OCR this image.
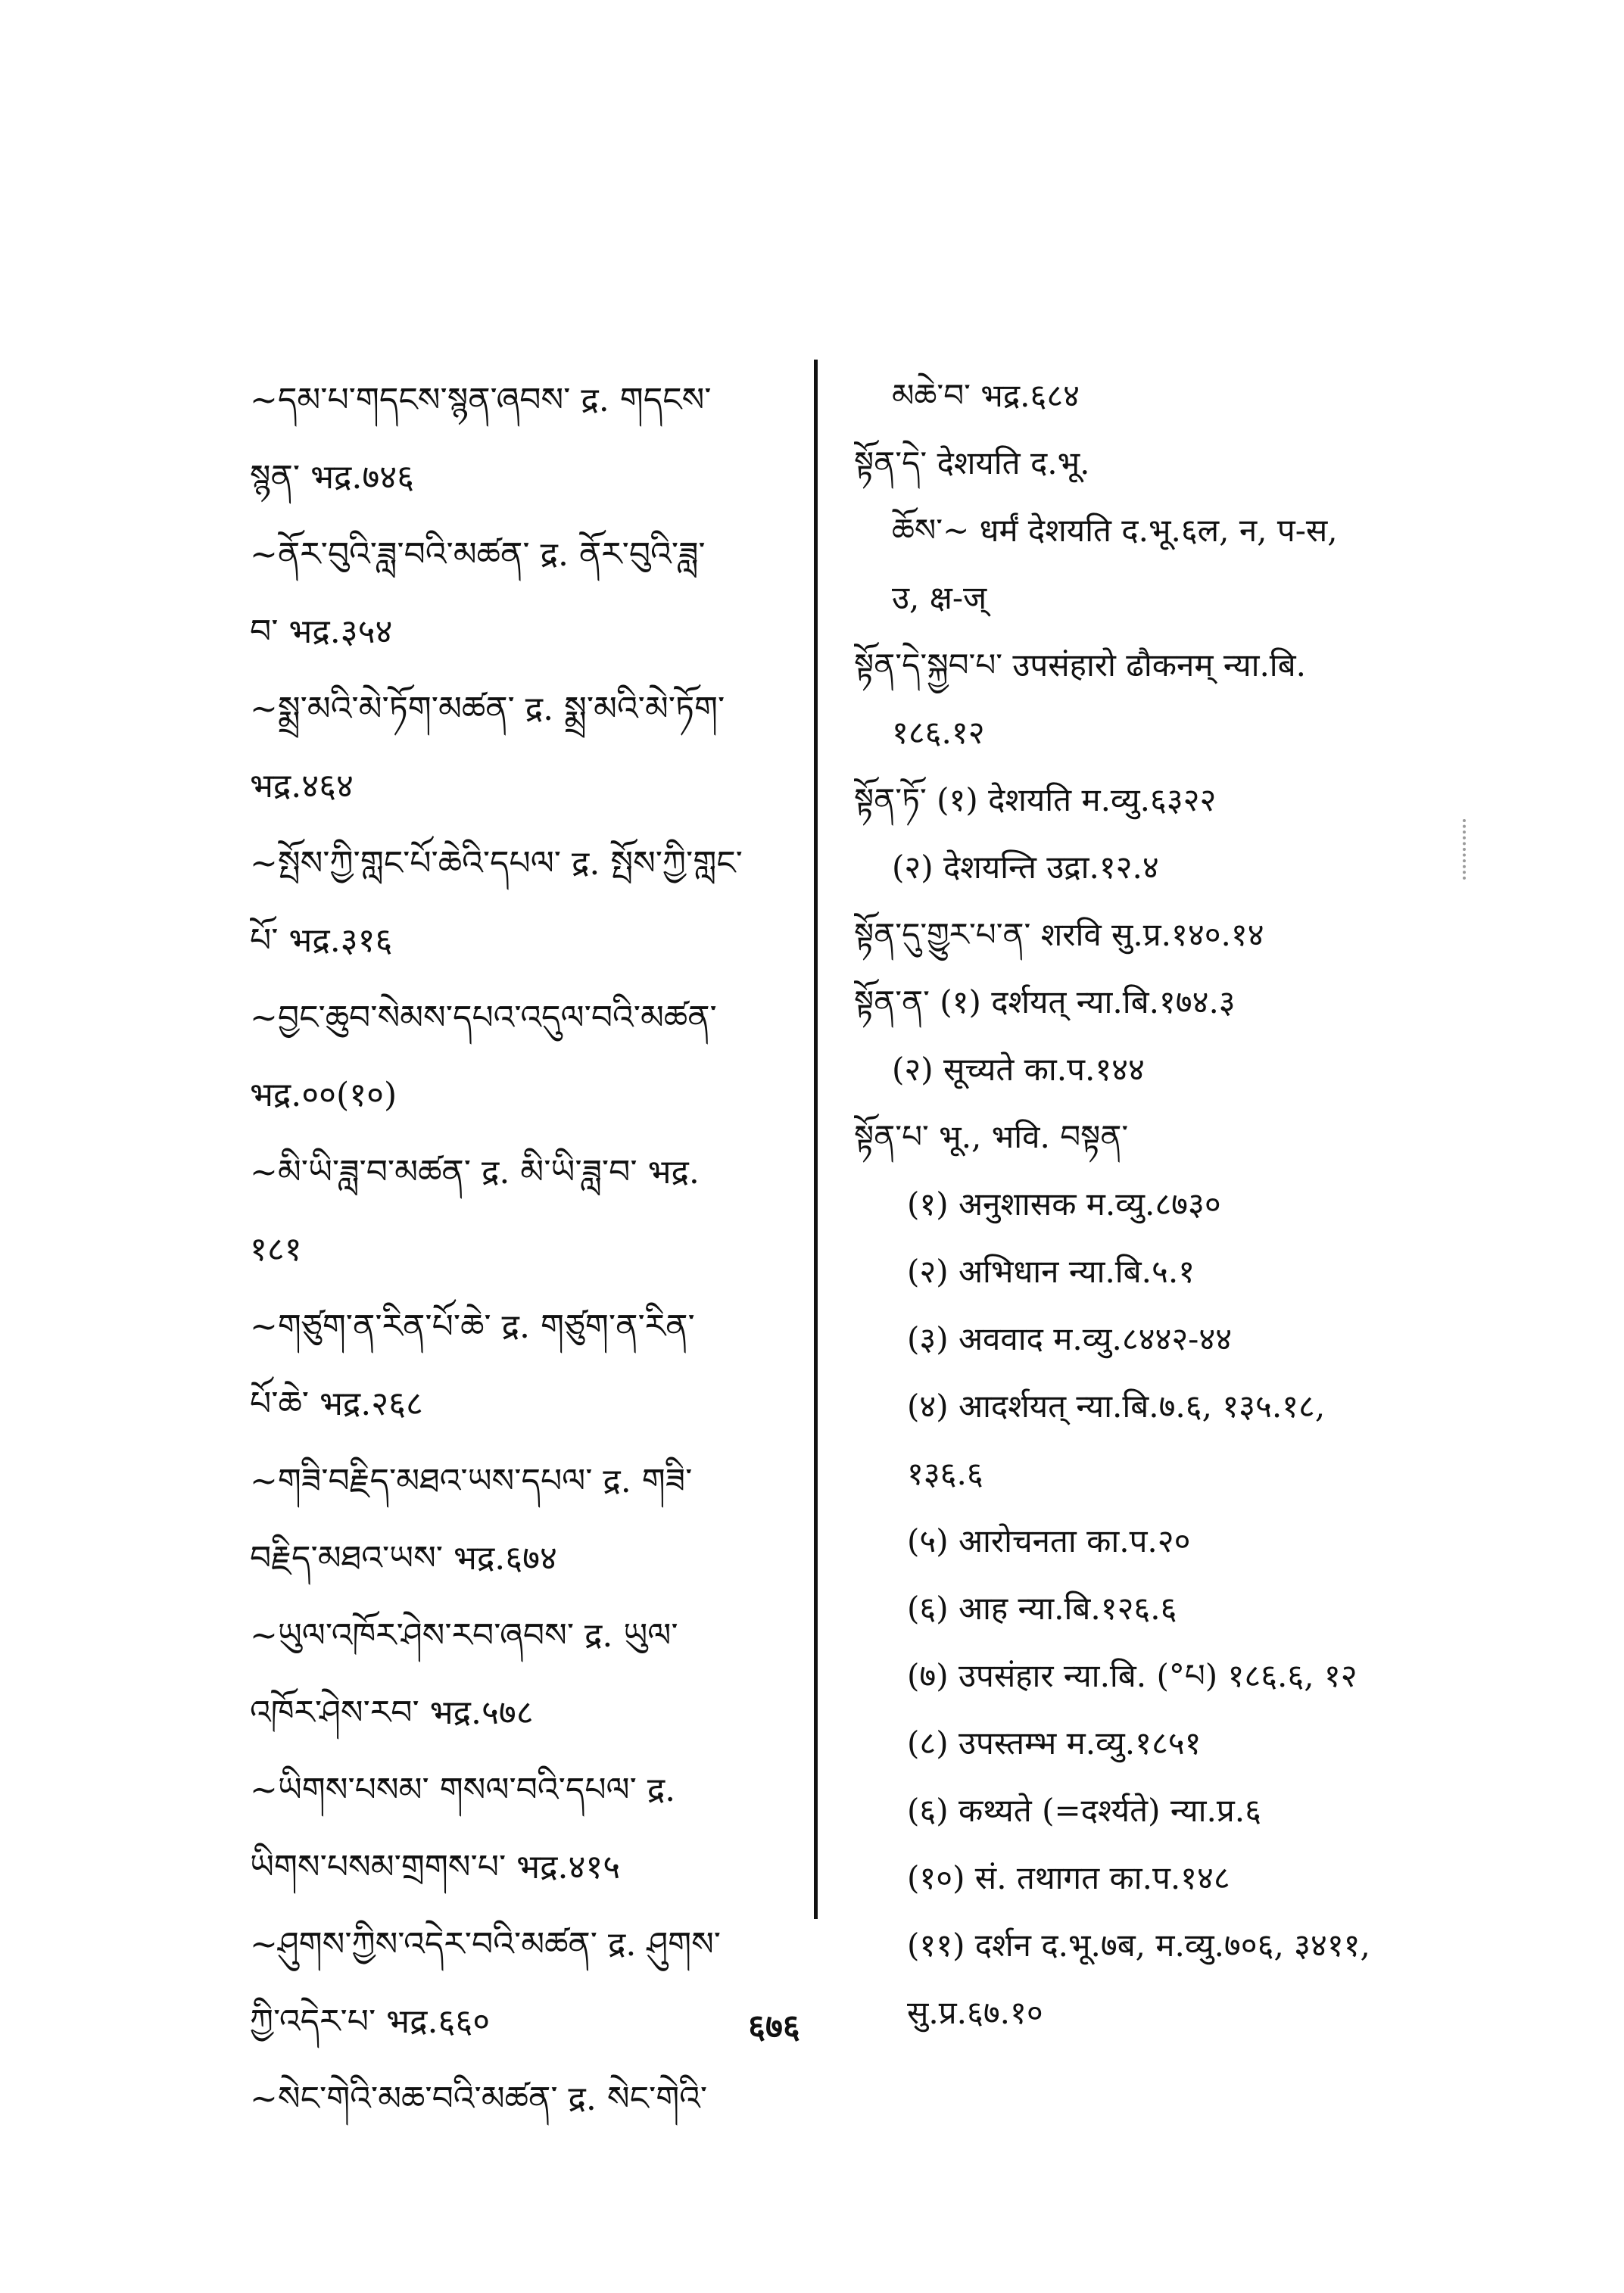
~དམ་པ་གདངས་སྙན་ཞབས་ द्र. གདངས་
སྙན་ भद्र.७४६
~ནོར་བུའི་ཟླ་བའི་མཚན་ द्र. ནོར་བུའི་ཟླ་
བ་ भद्र.३५४
~སྨྲ་མའི་མེ་ཏོག་མཚན་ द्र. སྨྲ་མའི་མེ་ཏོག་
भद्र.४६४
~སྤོས་ཀྱི་གླང་པོ་ཆེའི་དཔལ་ द्र. སྤོས་ཀྱི་གླང་
པོ་ भद्र.३१६
~བྱང་ཆུབ་སེམས་དཔའ་འདུལ་བའི་མཚན་
भद्र.००(१०)
~མི་ཡི་ཟླ་བ་མཚན་ द्र. མི་ཡི་ཟླ་བ་ भद्र.
१८१
~གཙུག་ན་རིན་པོ་ཆེ་ द्र. གཙུག་ན་རིན་
པོ་ཆེ་ भद्र.२६८
~གཟི་བརྗིད་མཐའ་ཡས་དཔལ་ द्र. གཟི་
བརྗིད་མཐའ་ཡས་ भद्र.६७४
~ཡུལ་འཁོར་ཤེས་རབ་ཞབས་ द्र. ཡུལ་
འཁོར་ཤེས་རབ་ भद्र.५७८
~ཡིགས་པསམ་ གསལ་བའི་དཔལ་ द्र.
ཡིགས་པསམ་གྲགས་པ་ भद्र.४१५
~ཤུགས་ཀྱིས་འདེར་བའི་མཚན་ द्र. ཤུགས་
ཀྱི་འདེར་པ་ भद्र.६६०
~སེང་གེའི་མཆ་བའི་མཚན་ द्र. སེང་གེའི་
མཆེ་བ་ भद्र.६८४
སྟོན་དེ་ देशयति द.भू.
ཆོས་~ धर्मं देशयति द.भू.६ल, न, प-स,
उ, क्ष-ज्
སྟོན་དེ་སྐྱབ་པ་ उपसंहारो ढौकनम् न्या.बि.
१८६.१२
སྟོན་ཏོ་ (१) देशयति म.व्यु.६३२२
(२) देशयन्ति उद्रा.१२.४
སྟོན་དུ་གྱུར་པ་ན་ शरवि सु.प्र.१४०.१४
སྟོན་ན་ (१) दर्शयत् न्या.बि.१७४.३
(२) सूच्यते का.प.१४४
སྟོན་པ་ भू., भवि. བསྟན་
(१) अनुशासक म.व्यु.८७३०
(२) अभिधान न्या.बि.५.१
(३) अववाद म.व्यु.८४४२-४४
(४) आदर्शयत् न्या.बि.७.६, १३५.१८,
१३६.६
(५) आरोचनता का.प.२०
(६) आह न्या.बि.१२६.६
(७) उपसंहार न्या.बि. (°པ) १८६.६, १२
(८) उपस्तम्भ म.व्यु.१८५१
(६) कथ्यते (=दर्श्यते) न्या.प्र.६
(१०) सं. तथागत का.प.१४८
(११) दर्शन द.भू.७ब, म.व्यु.७०६, ३४११,
सु.प्र.६७.१०
६७६
